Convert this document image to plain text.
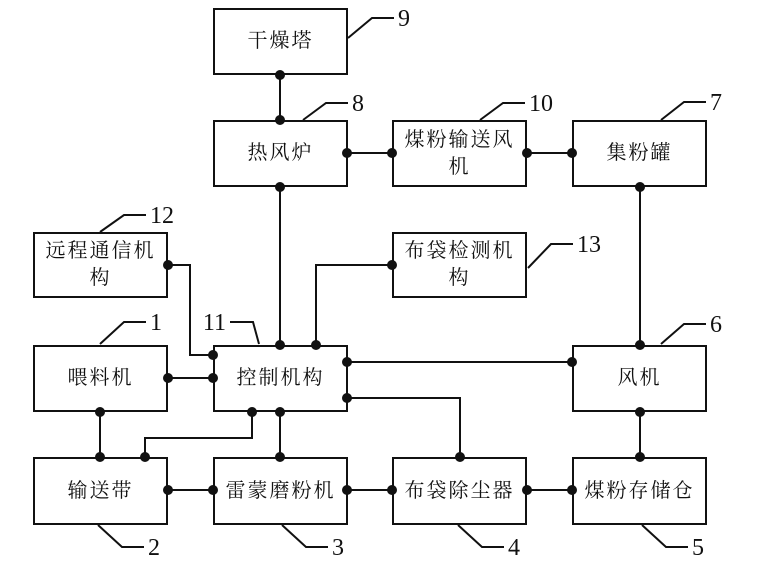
干燥塔
热风炉
煤粉输送风机
集粉罐
远程通信机构
布袋检测机构
喂料机	控制机构	风机
输送带	雷蒙磨粉机	布袋除尘器	煤粉存储仓
9
8	10	7
12
13
1 11	6
2	3	4	5
